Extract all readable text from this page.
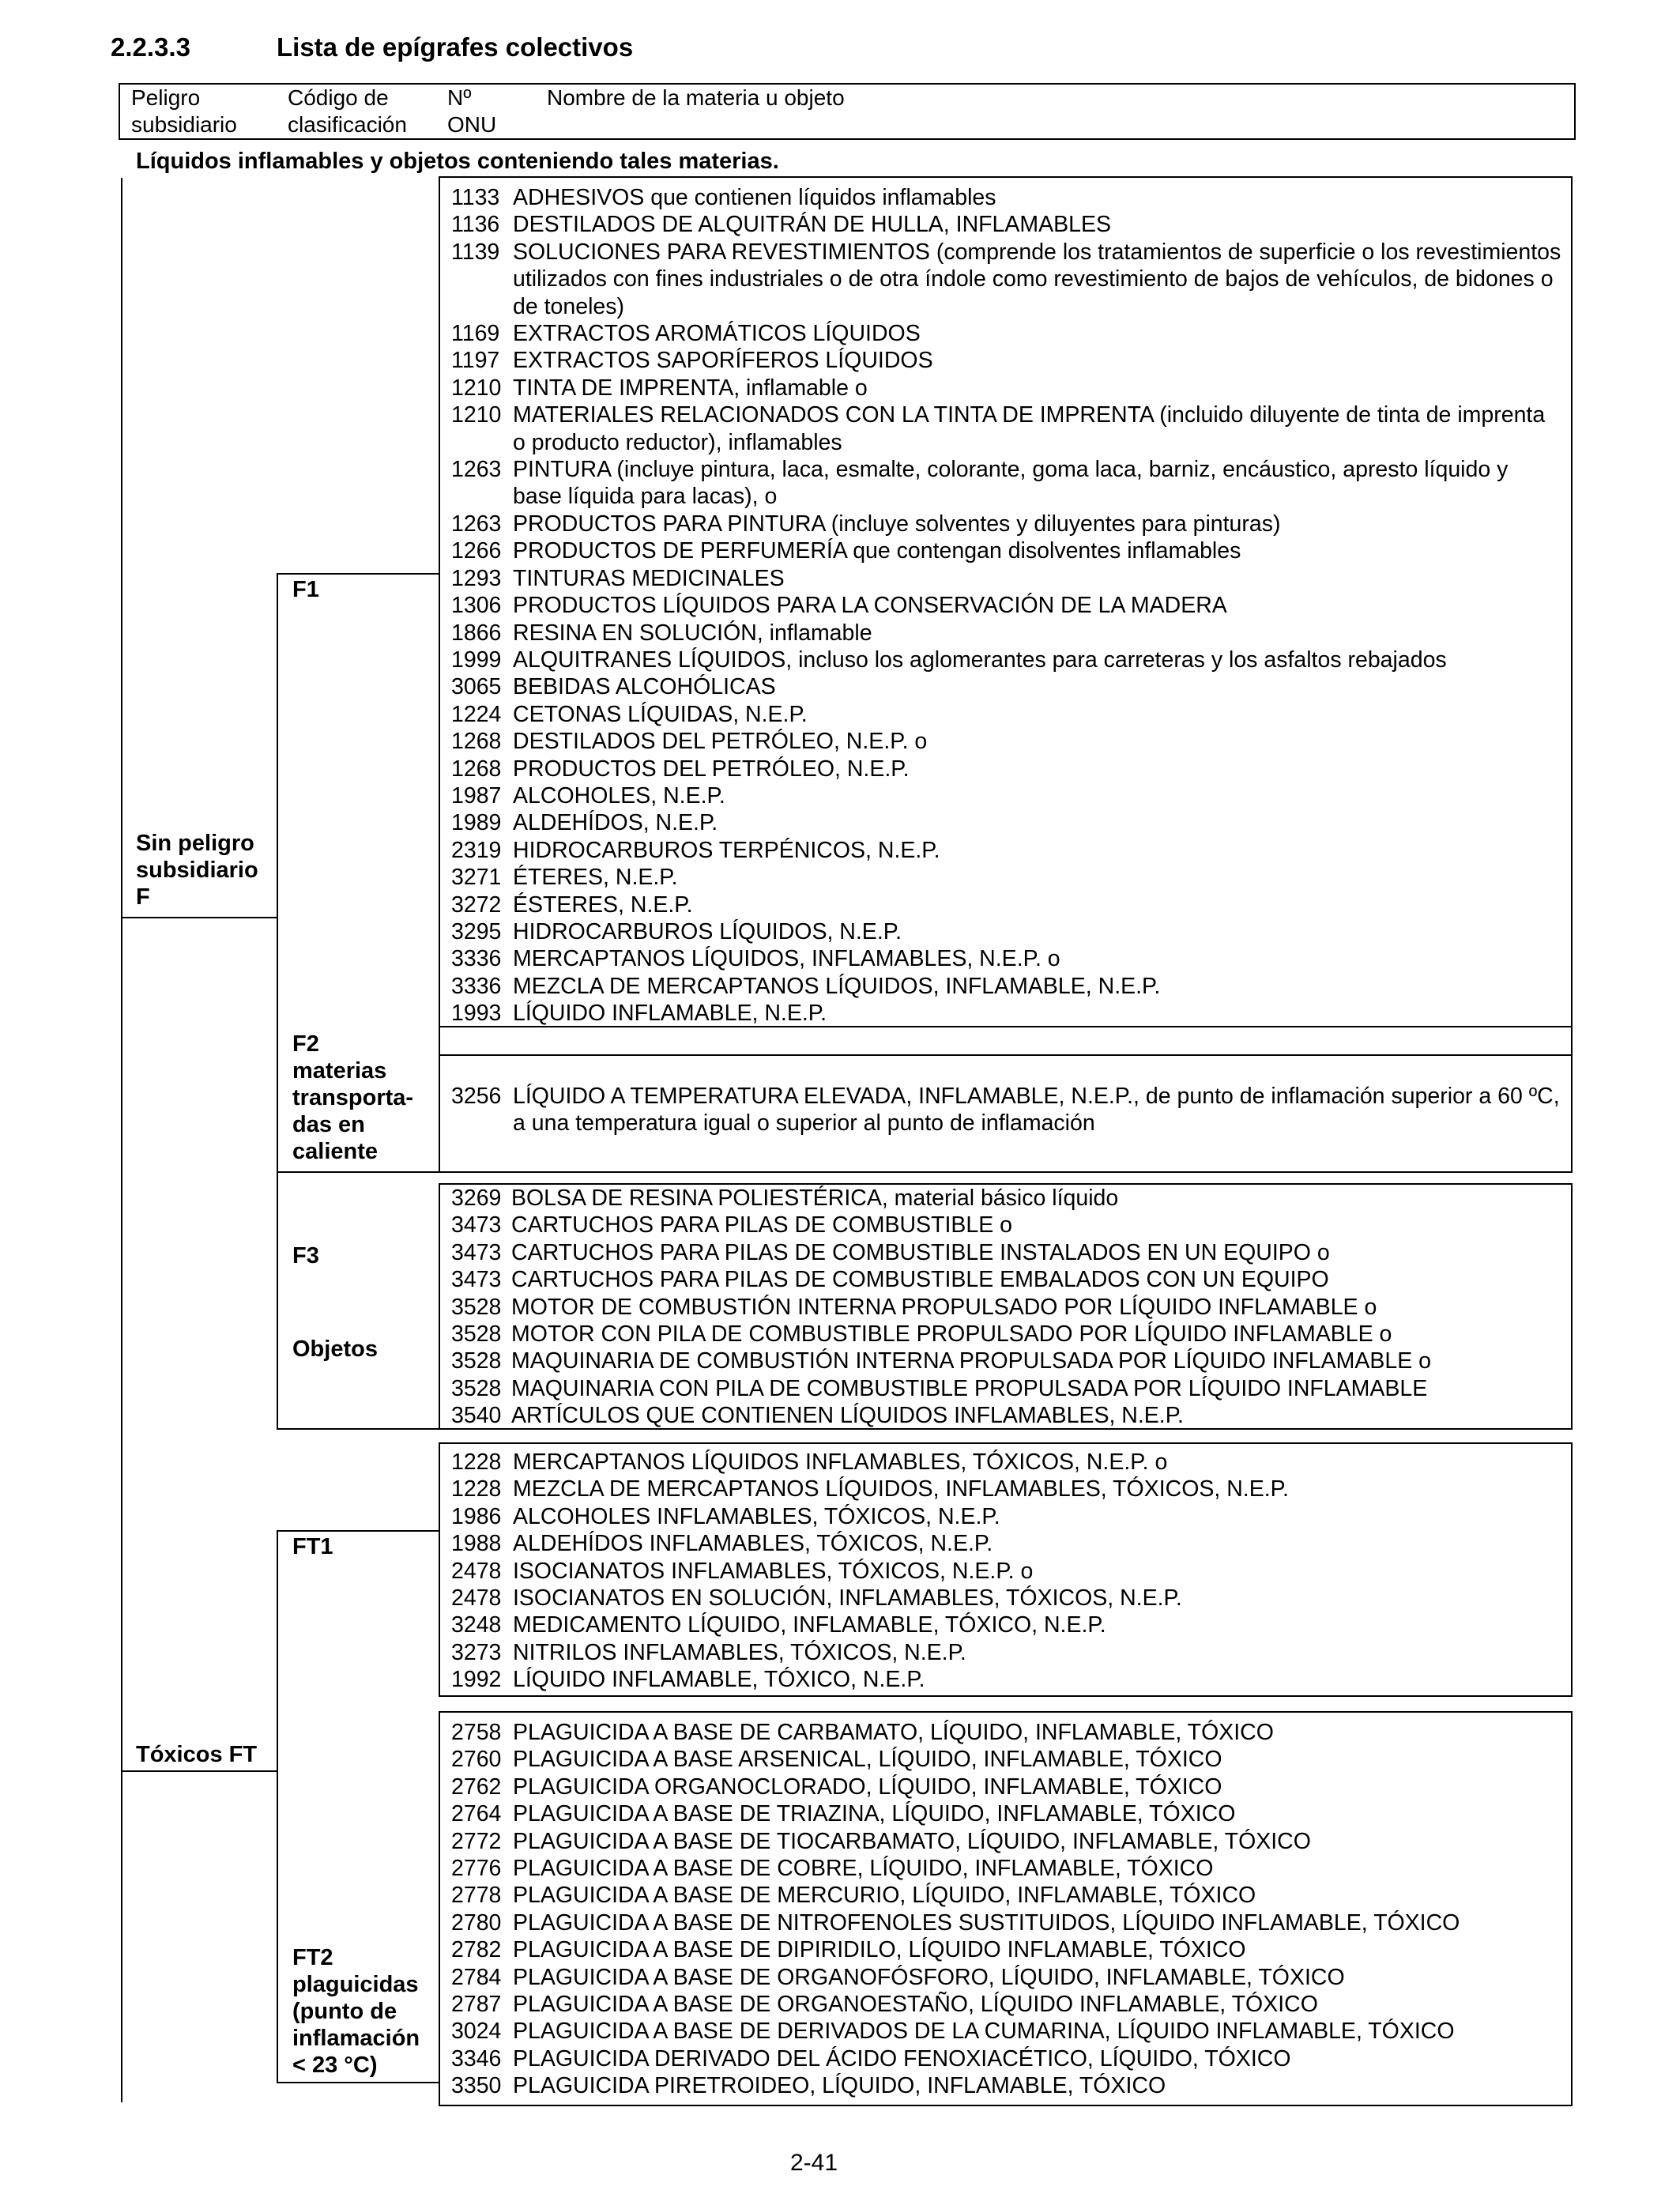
2.2.3.3	Lista de epígrafes colectivos
Peligro
subsidiario
Código de
clasificación
Nº
ONU
Nombre de la materia u objeto
Líquidos inflamables y objetos conteniendo tales materias.
Sin peligro
subsidiario
F
Tóxicos FT
F1
F2
materias
transporta-
das en
caliente
F3
Objetos
FT1
FT2
plaguicidas
(punto de
inflamación
< 23 °C)
1133 ADHESIVOS que contienen líquidos inflamables
1136 DESTILADOS DE ALQUITRÁN DE HULLA, INFLAMABLES
1139 SOLUCIONES PARA REVESTIMIENTOS (comprende los tratamientos de superficie o los revestimientos utilizados con fines industriales o de otra índole como revestimiento de bajos de vehículos, de bidones o de toneles)
1169 EXTRACTOS AROMÁTICOS LÍQUIDOS
1197 EXTRACTOS SAPORÍFEROS LÍQUIDOS
1210 TINTA DE IMPRENTA, inflamable o
1210 MATERIALES RELACIONADOS CON LA TINTA DE IMPRENTA (incluido diluyente de tinta de imprenta o producto reductor), inflamables
1263 PINTURA (incluye pintura, laca, esmalte, colorante, goma laca, barniz, encáustico, apresto líquido y base líquida para lacas), o
1263 PRODUCTOS PARA PINTURA (incluye solventes y diluyentes para pinturas)
1266 PRODUCTOS DE PERFUMERÍA que contengan disolventes inflamables
1293 TINTURAS MEDICINALES
1306 PRODUCTOS LÍQUIDOS PARA LA CONSERVACIÓN DE LA MADERA
1866 RESINA EN SOLUCIÓN, inflamable
1999 ALQUITRANES LÍQUIDOS, incluso los aglomerantes para carreteras y los asfaltos rebajados
3065 BEBIDAS ALCOHÓLICAS
1224 CETONAS LÍQUIDAS, N.E.P.
1268 DESTILADOS DEL PETRÓLEO, N.E.P. o
1268 PRODUCTOS DEL PETRÓLEO, N.E.P.
1987 ALCOHOLES, N.E.P.
1989 ALDEHÍDOS, N.E.P.
2319 HIDROCARBUROS TERPÉNICOS, N.E.P.
3271 ÉTERES, N.E.P.
3272 ÉSTERES, N.E.P.
3295 HIDROCARBUROS LÍQUIDOS, N.E.P.
3336 MERCAPTANOS LÍQUIDOS, INFLAMABLES, N.E.P. o
3336 MEZCLA DE MERCAPTANOS LÍQUIDOS, INFLAMABLE, N.E.P.
1993 LÍQUIDO INFLAMABLE, N.E.P.
3256 LÍQUIDO A TEMPERATURA ELEVADA, INFLAMABLE, N.E.P., de punto de inflamación superior a 60 ºC, a una temperatura igual o superior al punto de inflamación
3269 BOLSA DE RESINA POLIESTÉRICA, material básico líquido
3473 CARTUCHOS PARA PILAS DE COMBUSTIBLE o
3473 CARTUCHOS PARA PILAS DE COMBUSTIBLE INSTALADOS EN UN EQUIPO o
3473 CARTUCHOS PARA PILAS DE COMBUSTIBLE EMBALADOS CON UN EQUIPO
3528 MOTOR DE COMBUSTIÓN INTERNA PROPULSADO POR LÍQUIDO INFLAMABLE o
3528 MOTOR CON PILA DE COMBUSTIBLE PROPULSADO POR LÍQUIDO INFLAMABLE o
3528 MAQUINARIA DE COMBUSTIÓN INTERNA PROPULSADA POR LÍQUIDO INFLAMABLE o
3528 MAQUINARIA CON PILA DE COMBUSTIBLE PROPULSADA POR LÍQUIDO INFLAMABLE
3540 ARTÍCULOS QUE CONTIENEN LÍQUIDOS INFLAMABLES, N.E.P.
1228 MERCAPTANOS LÍQUIDOS INFLAMABLES, TÓXICOS, N.E.P. o
1228 MEZCLA DE MERCAPTANOS LÍQUIDOS, INFLAMABLES, TÓXICOS, N.E.P.
1986 ALCOHOLES INFLAMABLES, TÓXICOS, N.E.P.
1988 ALDEHÍDOS INFLAMABLES, TÓXICOS, N.E.P.
2478 ISOCIANATOS INFLAMABLES, TÓXICOS, N.E.P. o
2478 ISOCIANATOS EN SOLUCIÓN, INFLAMABLES, TÓXICOS, N.E.P.
3248 MEDICAMENTO LÍQUIDO, INFLAMABLE, TÓXICO, N.E.P.
3273 NITRILOS INFLAMABLES, TÓXICOS, N.E.P.
1992 LÍQUIDO INFLAMABLE, TÓXICO, N.E.P.
2758 PLAGUICIDA A BASE DE CARBAMATO, LÍQUIDO, INFLAMABLE, TÓXICO
2760 PLAGUICIDA A BASE ARSENICAL, LÍQUIDO, INFLAMABLE, TÓXICO
2762 PLAGUICIDA ORGANOCLORADO, LÍQUIDO, INFLAMABLE, TÓXICO
2764 PLAGUICIDA A BASE DE TRIAZINA, LÍQUIDO, INFLAMABLE, TÓXICO
2772 PLAGUICIDA A BASE DE TIOCARBAMATO, LÍQUIDO, INFLAMABLE, TÓXICO
2776 PLAGUICIDA A BASE DE COBRE, LÍQUIDO, INFLAMABLE, TÓXICO
2778 PLAGUICIDA A BASE DE MERCURIO, LÍQUIDO, INFLAMABLE, TÓXICO
2780 PLAGUICIDA A BASE DE NITROFENOLES SUSTITUIDOS, LÍQUIDO INFLAMABLE, TÓXICO
2782 PLAGUICIDA A BASE DE DIPIRIDILO, LÍQUIDO INFLAMABLE, TÓXICO
2784 PLAGUICIDA A BASE DE ORGANOFÓSFORO, LÍQUIDO, INFLAMABLE, TÓXICO
2787 PLAGUICIDA A BASE DE ORGANOESTAÑO, LÍQUIDO INFLAMABLE, TÓXICO
3024 PLAGUICIDA A BASE DE DERIVADOS DE LA CUMARINA, LÍQUIDO INFLAMABLE, TÓXICO
3346 PLAGUICIDA DERIVADO DEL ÁCIDO FENOXIACÉTICO, LÍQUIDO, TÓXICO
3350 PLAGUICIDA PIRETROIDEO, LÍQUIDO, INFLAMABLE, TÓXICO
2-41
